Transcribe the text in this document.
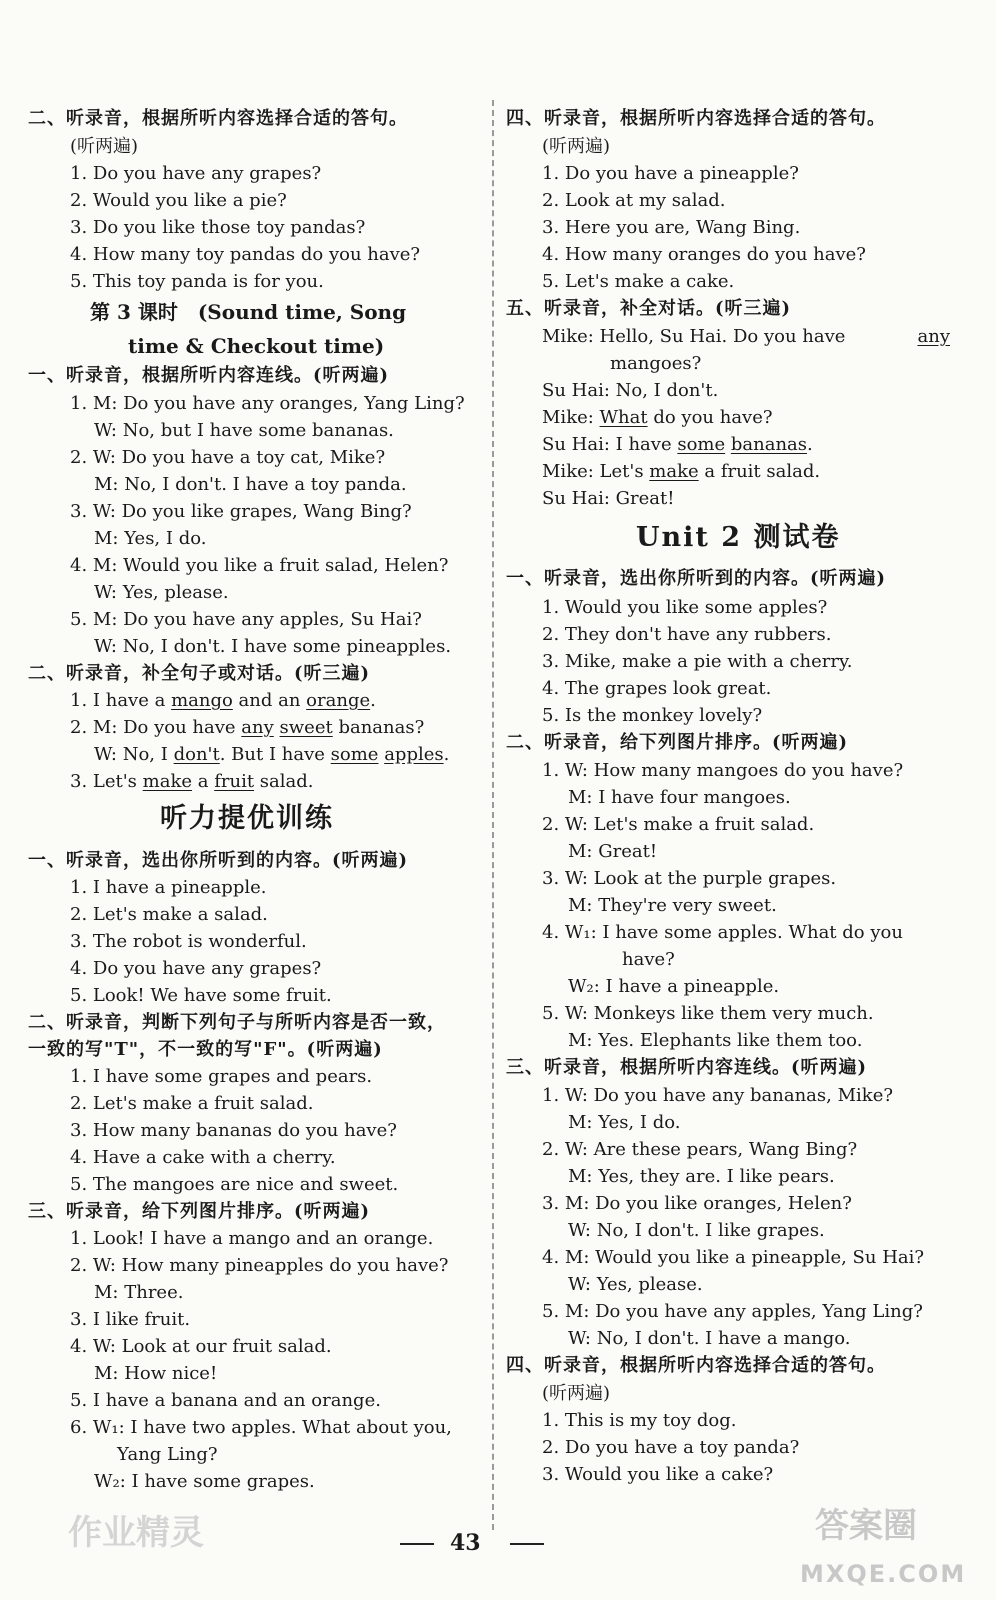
二、听录音，根据所听内容选择合适的答句。
(听两遍)
1. Do you have any grapes?
2. Would you like a pie?
3. Do you like those toy pandas?
4. How many toy pandas do you have?
5. This toy panda is for you.
第 3 课时　(Sound time, Song
time & Checkout time)
一、听录音，根据所听内容连线。(听两遍)
1. M: Do you have any oranges, Yang Ling?
W: No, but I have some bananas.
2. W: Do you have a toy cat, Mike?
M: No, I don't. I have a toy panda.
3. W: Do you like grapes, Wang Bing?
M: Yes, I do.
4. M: Would you like a fruit salad, Helen?
W: Yes, please.
5. M: Do you have any apples, Su Hai?
W: No, I don't. I have some pineapples.
二、听录音，补全句子或对话。(听三遍)
1. I have a mango and an orange.
2. M: Do you have any sweet bananas?
W: No, I don't. But I have some apples.
3. Let's make a fruit salad.
听力提优训练
一、听录音，选出你所听到的内容。(听两遍)
1. I have a pineapple.
2. Let's make a salad.
3. The robot is wonderful.
4. Do you have any grapes?
5. Look! We have some fruit.
二、听录音，判断下列句子与所听内容是否一致，
一致的写"T"，不一致的写"F"。(听两遍)
1. I have some grapes and pears.
2. Let's make a fruit salad.
3. How many bananas do you have?
4. Have a cake with a cherry.
5. The mangoes are nice and sweet.
三、听录音，给下列图片排序。(听两遍)
1. Look! I have a mango and an orange.
2. W: How many pineapples do you have?
M: Three.
3. I like fruit.
4. W: Look at our fruit salad.
M: How nice!
5. I have a banana and an orange.
6. W₁: I have two apples. What about you,
Yang Ling?
W₂: I have some grapes.
四、听录音，根据所听内容选择合适的答句。
(听两遍)
1. Do you have a pineapple?
2. Look at my salad.
3. Here you are, Wang Bing.
4. How many oranges do you have?
5. Let's make a cake.
五、听录音，补全对话。(听三遍)
Mike: Hello, Su Hai. Do you have	any
mangoes?
Su Hai: No, I don't.
Mike: What do you have?
Su Hai: I have some bananas.
Mike: Let's make a fruit salad.
Su Hai: Great!
Unit 2 测试卷
一、听录音，选出你所听到的内容。(听两遍)
1. Would you like some apples?
2. They don't have any rubbers.
3. Mike, make a pie with a cherry.
4. The grapes look great.
5. Is the monkey lovely?
二、听录音，给下列图片排序。(听两遍)
1. W: How many mangoes do you have?
M: I have four mangoes.
2. W: Let's make a fruit salad.
M: Great!
3. W: Look at the purple grapes.
M: They're very sweet.
4. W₁: I have some apples. What do you
have?
W₂: I have a pineapple.
5. W: Monkeys like them very much.
M: Yes. Elephants like them too.
三、听录音，根据所听内容连线。(听两遍)
1. W: Do you have any bananas, Mike?
M: Yes, I do.
2. W: Are these pears, Wang Bing?
M: Yes, they are. I like pears.
3. M: Do you like oranges, Helen?
W: No, I don't. I like grapes.
4. M: Would you like a pineapple, Su Hai?
W: Yes, please.
5. M: Do you have any apples, Yang Ling?
W: No, I don't. I have a mango.
四、听录音，根据所听内容选择合适的答句。
(听两遍)
1. This is my toy dog.
2. Do you have a toy panda?
3. Would you like a cake?
43
作业精灵	答案圈
MXQE.COM
